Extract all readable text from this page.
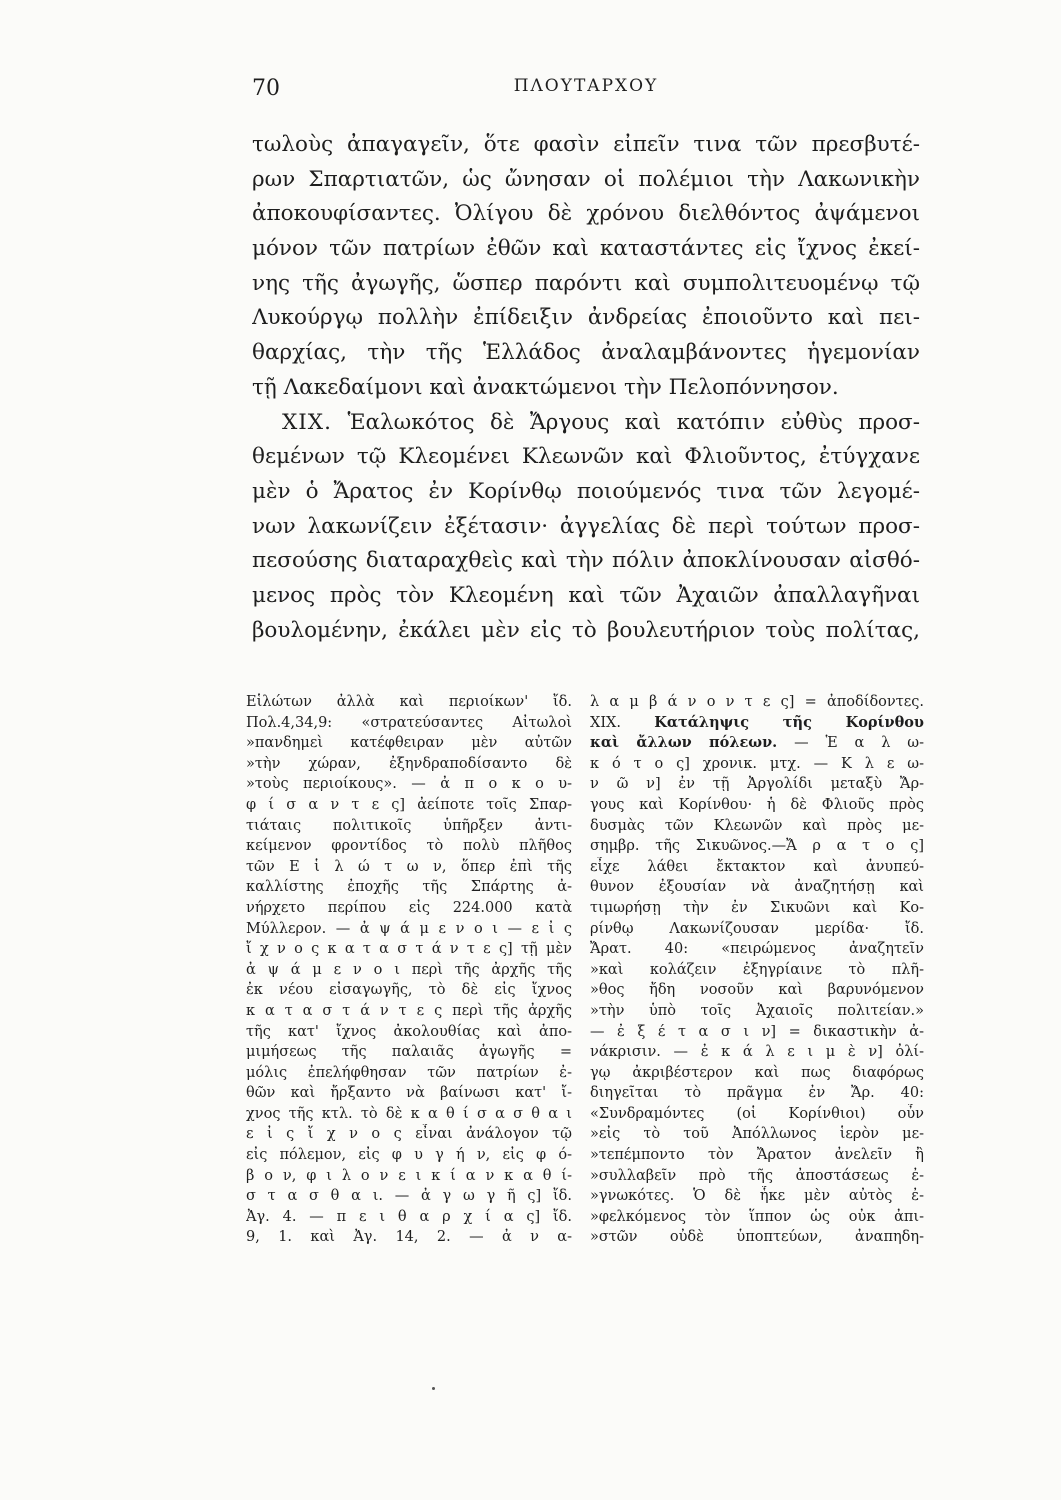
70	ΠΛΟΥΤΑΡΧΟΥ
τωλοὺς ἀπαγαγεῖν, ὅτε φασὶν εἰπεῖν τινα τῶν πρεσβυτέ-
ρων Σπαρτιατῶν, ὡς ὤνησαν οἱ πολέμιοι τὴν Λακωνικὴν
ἀποκουφίσαντες. Ὀλίγου δὲ χρόνου διελθόντος ἀψάμενοι
μόνον τῶν πατρίων ἐθῶν καὶ καταστάντες εἰς ἴχνος ἐκεί-
νης τῆς ἀγωγῆς, ὥσπερ παρόντι καὶ συμπολιτευομένῳ τῷ
Λυκούργῳ πολλὴν ἐπίδειξιν ἀνδρείας ἐποιοῦντο καὶ πει-
θαρχίας, τὴν τῆς Ἑλλάδος ἀναλαμβάνοντες ἡγεμονίαν
τῇ Λακεδαίμονι καὶ ἀνακτώμενοι τὴν Πελοπόννησον.
XIX. Ἑαλωκότος δὲ Ἄργους καὶ κατόπιν εὐθὺς προσ-
θεμένων τῷ Κλεομένει Κλεωνῶν καὶ Φλιοῦντος, ἐτύγχανε
μὲν ὁ Ἄρατος ἐν Κορίνθῳ ποιούμενός τινα τῶν λεγομέ-
νων λακωνίζειν ἐξέτασιν· ἀγγελίας δὲ περὶ τούτων προσ-
πεσούσης διαταραχθεὶς καὶ τὴν πόλιν ἀποκλίνουσαν αἰσθό-
μενος πρὸς τὸν Κλεομένη καὶ τῶν Ἀχαιῶν ἀπαλλαγῆναι
βουλομένην, ἐκάλει μὲν εἰς τὸ βουλευτήριον τοὺς πολίτας,
Εἱλώτων ἀλλὰ καὶ περιοίκων' ἴδ.
Πολ.4,34,9: «στρατεύσαντες Αἰτωλοὶ
»πανδημεὶ κατέφθειραν μὲν αὐτῶν
»τὴν χώραν, ἐξηνδραποδίσαντο δὲ
»τοὺς περιοίκους». — ἀ π ο κ ο υ-
φ ί σ α ν τ ε ς] ἀείποτε τοῖς Σπαρ-
τιάταις πολιτικοῖς ὑπῆρξεν ἀντι-
κείμενον φροντίδος τὸ πολὺ πλῆθος
τῶν Ε ἱ λ ώ τ ω ν, ὅπερ ἐπὶ τῆς
καλλίστης ἐποχῆς τῆς Σπάρτης ἀ-
νήρχετο περίπου εἰς 224.000 κατὰ
Μύλλερον. — ἀ ψ ά μ ε ν ο ι — ε ἰ ς
ἴ χ ν ο ς κ α τ α σ τ ά ν τ ε ς] τῇ μὲν
ἀ ψ ά μ ε ν ο ι περὶ τῆς ἀρχῆς τῆς
ἐκ νέου εἰσαγωγῆς, τὸ δὲ εἰς ἴχνος
κ α τ α σ τ ά ν τ ε ς περὶ τῆς ἀρχῆς
τῆς κατ' ἴχνος ἀκολουθίας καὶ ἀπο-
μιμήσεως τῆς παλαιᾶς ἀγωγῆς =
μόλις ἐπελήφθησαν τῶν πατρίων ἐ-
θῶν καὶ ἤρξαντο νὰ βαίνωσι κατ' ἴ-
χνος τῆς κτλ. τὸ δὲ κ α θ ί σ α σ θ α ι
ε ἰ ς ἴ χ ν ο ς εἶναι ἀνάλογον τῷ
εἰς πόλεμον, εἰς φ υ γ ή ν, εἰς φ ό-
β ο ν, φ ι λ ο ν ε ι κ ί α ν κ α θ ί-
σ τ α σ θ α ι. — ἀ γ ω γ ῆ ς] ἴδ.
Ἀγ. 4. — π ε ι θ α ρ χ ί α ς] ἴδ.
9, 1. καὶ Ἀγ. 14, 2. — ἀ ν α-
λ α μ β ά ν ο ν τ ε ς] = ἀποδίδοντες.
XIX. Κατάληψις τῆς Κορίνθου
καὶ ἄλλων πόλεων. — Ἑ α λ ω-
κ ό τ ο ς] χρονικ. μτχ. — Κ λ ε ω-
ν ῶ ν] ἐν τῇ Ἀργολίδι μεταξὺ Ἄρ-
γους καὶ Κορίνθου· ἡ δὲ Φλιοῦς πρὸς
δυσμὰς τῶν Κλεωνῶν καὶ πρὸς με-
σημβρ. τῆς Σικυῶνος.—Ἄ ρ α τ ο ς]
εἶχε λάθει ἔκτακτον καὶ ἀνυπεύ-
θυνον ἐξουσίαν νὰ ἀναζητήσῃ καὶ
τιμωρήσῃ τὴν ἐν Σικυῶνι καὶ Κο-
ρίνθῳ Λακωνίζουσαν μερίδα· ἴδ.
Ἄρατ. 40: «πειρώμενος ἀναζητεῖν
»καὶ κολάζειν ἐξηγρίαινε τὸ πλῆ-
»θος ἤδη νοσοῦν καὶ βαρυνόμενον
»τὴν ὑπὸ τοῖς Ἀχαιοῖς πολιτείαν.»
— ἐ ξ έ τ α σ ι ν] = δικαστικὴν ἀ-
νάκρισιν. — ἐ κ ά λ ε ι μ ὲ ν] ὀλί-
γῳ ἀκριβέστερον καὶ πως διαφόρως
διηγεῖται τὸ πρᾶγμα ἐν Ἄρ. 40:
«Συνδραμόντες (οἱ Κορίνθιοι) οὖν
»εἰς τὸ τοῦ Ἀπόλλωνος ἱερὸν με-
»τεπέμποντο τὸν Ἄρατον ἀνελεῖν ἢ
»συλλαβεῖν πρὸ τῆς ἀποστάσεως ἐ-
»γνωκότες. Ὁ δὲ ἧκε μὲν αὐτὸς ἐ-
»φελκόμενος τὸν ἵππον ὡς οὐκ ἀπι-
»στῶν οὐδὲ ὑποπτεύων, ἀναπηδη-
